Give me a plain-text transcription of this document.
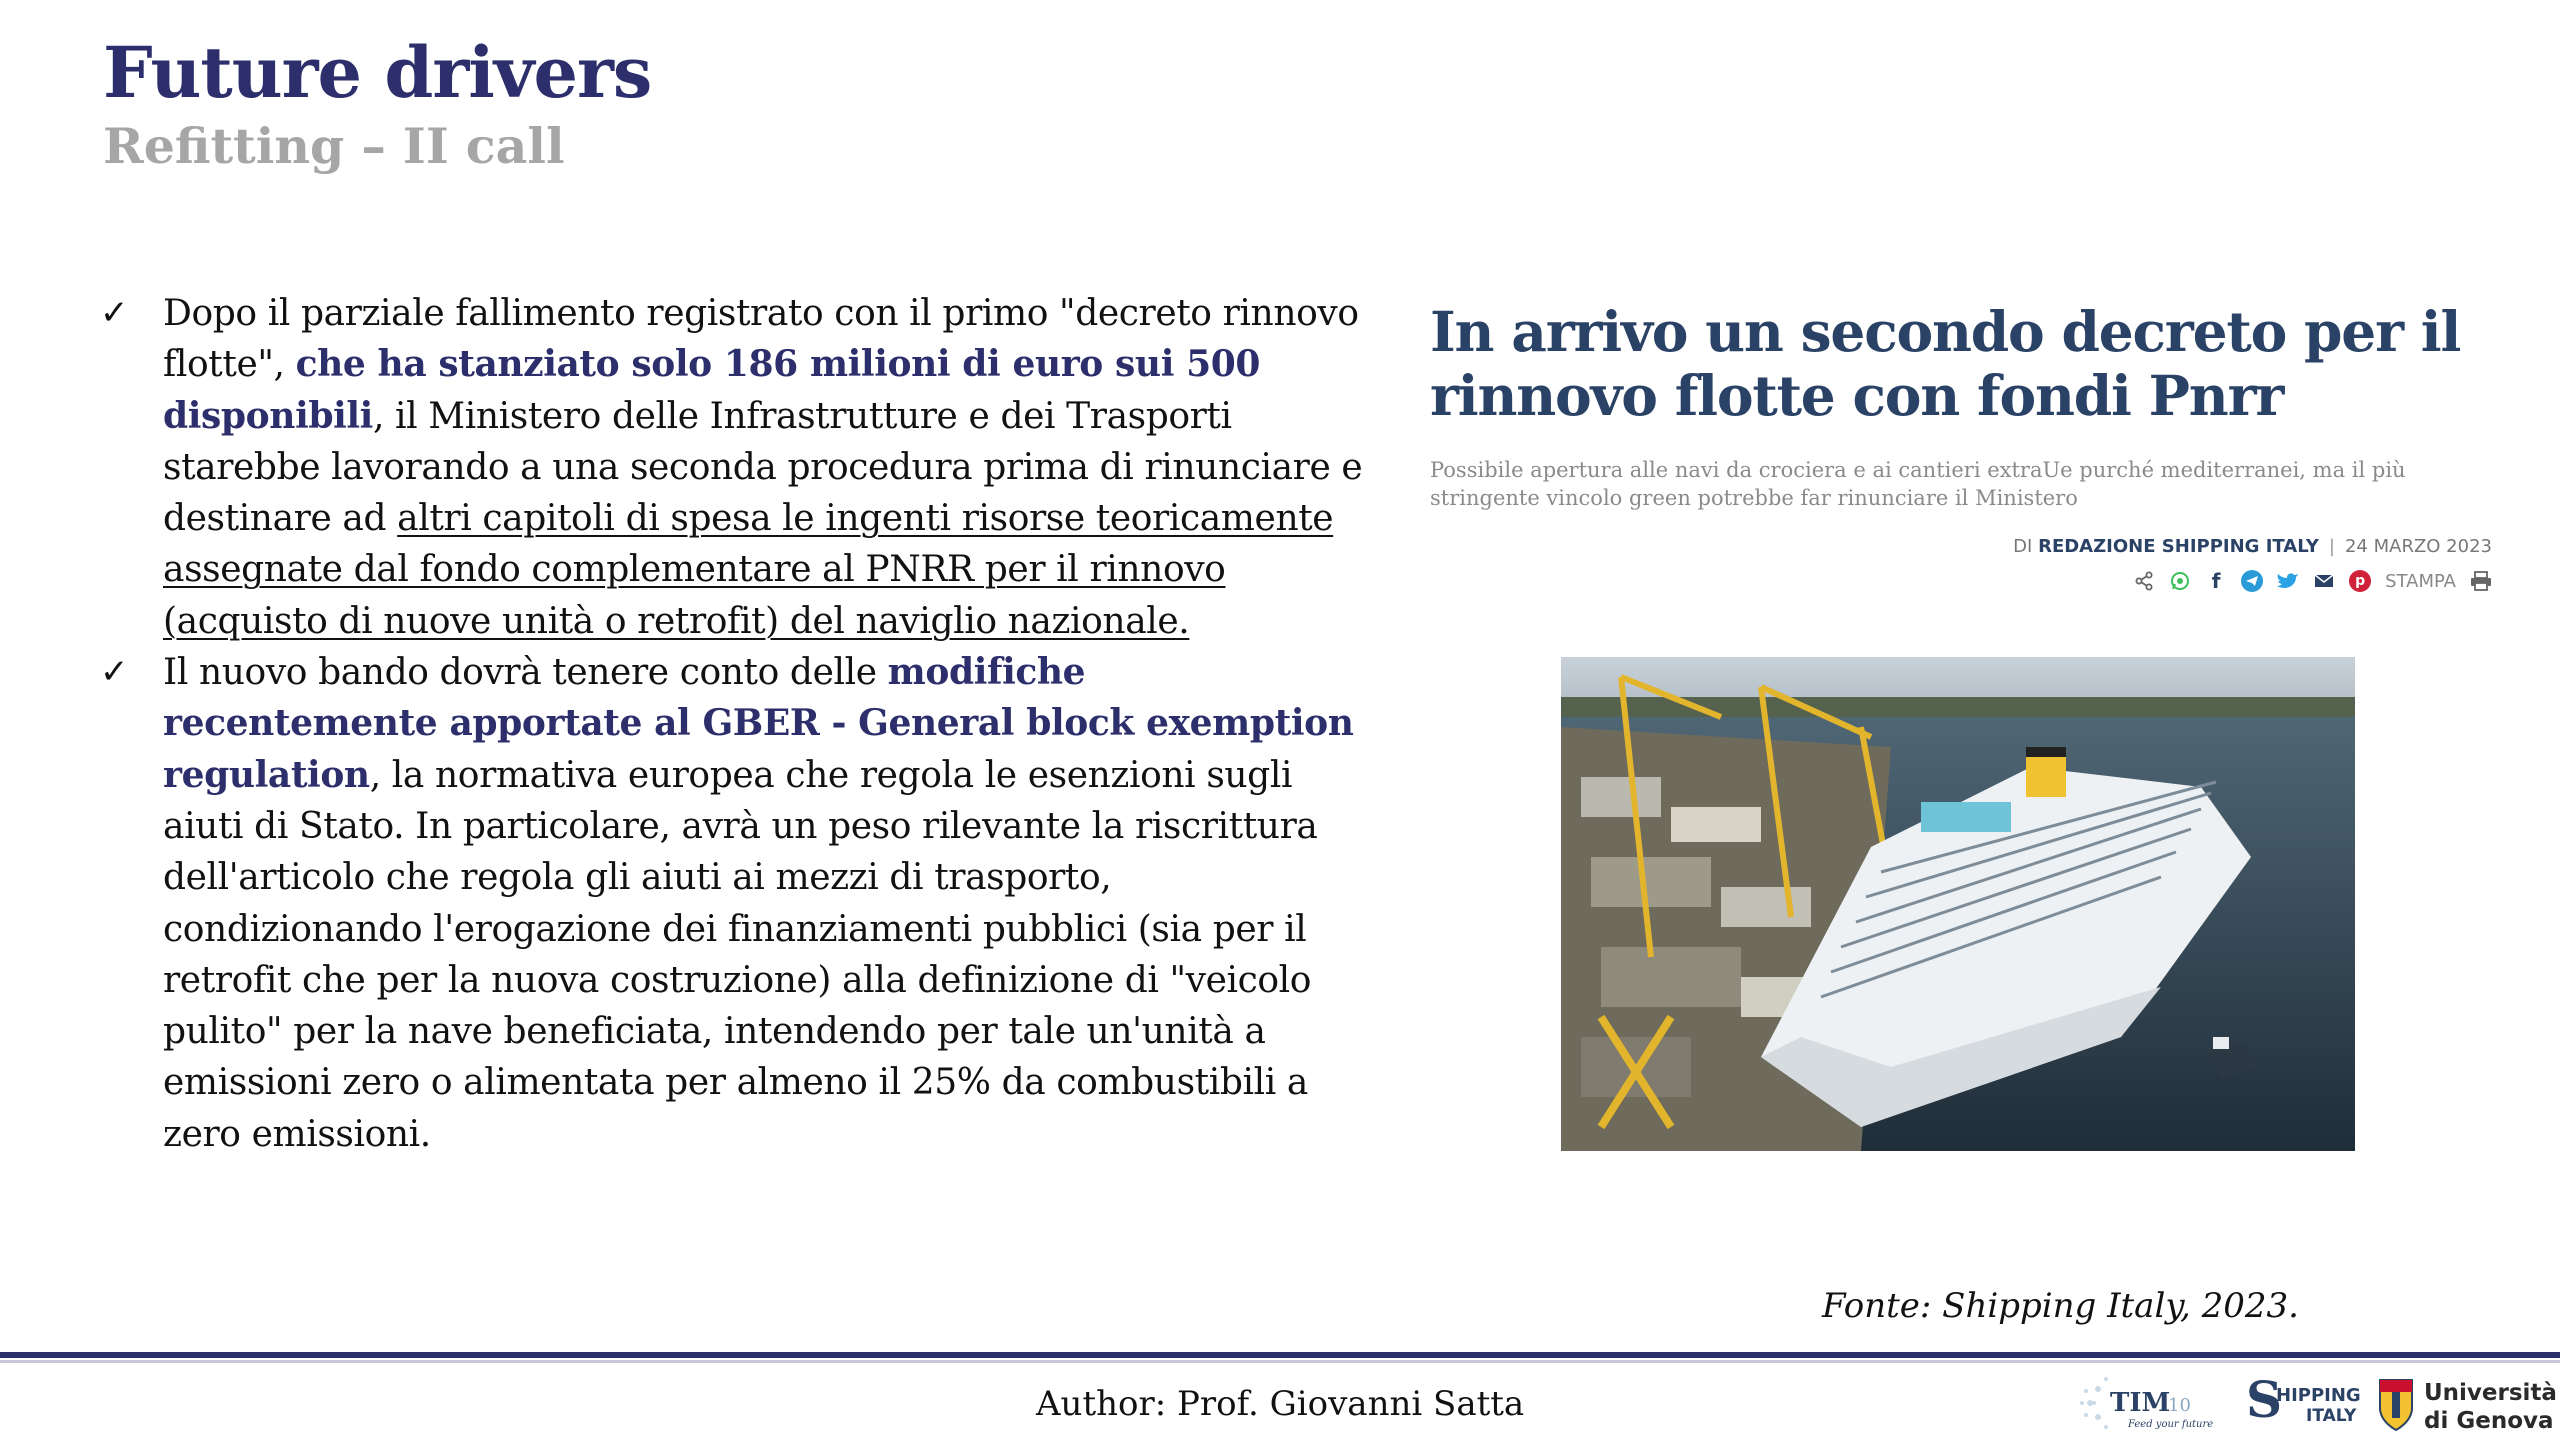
Future drivers
Refitting – II call
✓ Dopo il parziale fallimento registrato con il primo "decreto rinnovo flotte", che ha stanziato solo 186 milioni di euro sui 500 disponibili, il Ministero delle Infrastrutture e dei Trasporti starebbe lavorando a una seconda procedura prima di rinunciare e destinare ad altri capitoli di spesa le ingenti risorse teoricamente assegnate dal fondo complementare al PNRR per il rinnovo (acquisto di nuove unità o retrofit) del naviglio nazionale.
✓ Il nuovo bando dovrà tenere conto delle modifiche recentemente apportate al GBER - General block exemption regulation, la normativa europea che regola le esenzioni sugli aiuti di Stato. In particolare, avrà un peso rilevante la riscrittura dell'articolo che regola gli aiuti ai mezzi di trasporto, condizionando l'erogazione dei finanziamenti pubblici (sia per il retrofit che per la nuova costruzione) alla definizione di "veicolo pulito" per la nave beneficiata, intendendo per tale un'unità a emissioni zero o alimentata per almeno il 25% da combustibili a zero emissioni.
In arrivo un secondo decreto per il rinnovo flotte con fondi Pnrr
Possibile apertura alle navi da crociera e ai cantieri extraUe purché mediterranei, ma il più stringente vincolo green potrebbe far rinunciare il Ministero
DI REDAZIONE SHIPPING ITALY | 24 MARZO 2023
f	p	STAMPA
Fonte: Shipping Italy, 2023.
Author: Prof. Giovanni Satta	TIM
10
Feed your future S
HIPPING
ITALY
Università
di Genova
